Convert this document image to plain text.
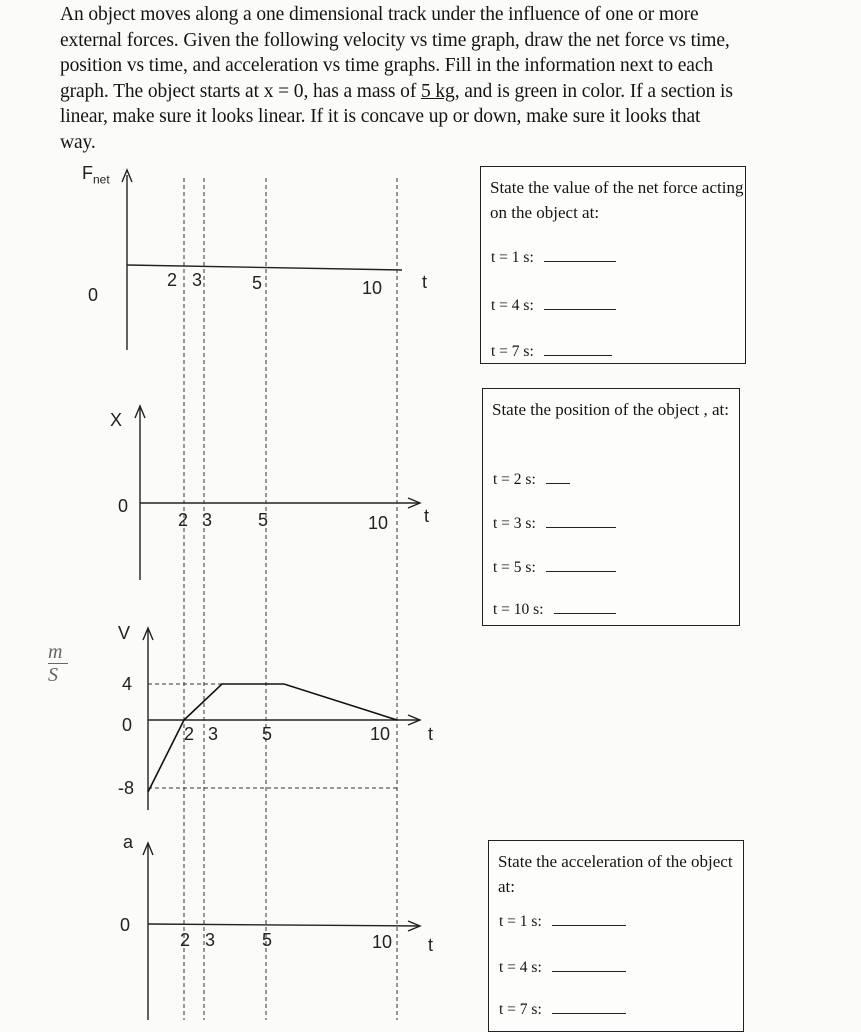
An object moves along a one dimensional track under the influence of one or more external forces. Given the following velocity vs time graph, draw the net force vs time, position vs time, and acceleration vs time graphs. Fill in the information next to each graph. The object starts at x = 0, has a mass of 5 kg, and is green in color. If a section is linear, make sure it looks linear. If it is concave up or down, make sure it looks that way.
$F_{net}$
0
2 3	5	10 t
X
0
2 3	5	10 t
V
4
0
-8
2 3 5	10 t
a
0
2 3	5	10 t
m
S
State the value of the net force acting on the object at:
t = 1 s:
t = 4 s:
t = 7 s:
State the position of the object , at:
t = 2 s:
t = 3 s:
t = 5 s:
t = 10 s:
State the acceleration of the object at:
t = 1 s:
t = 4 s:
t = 7 s:
